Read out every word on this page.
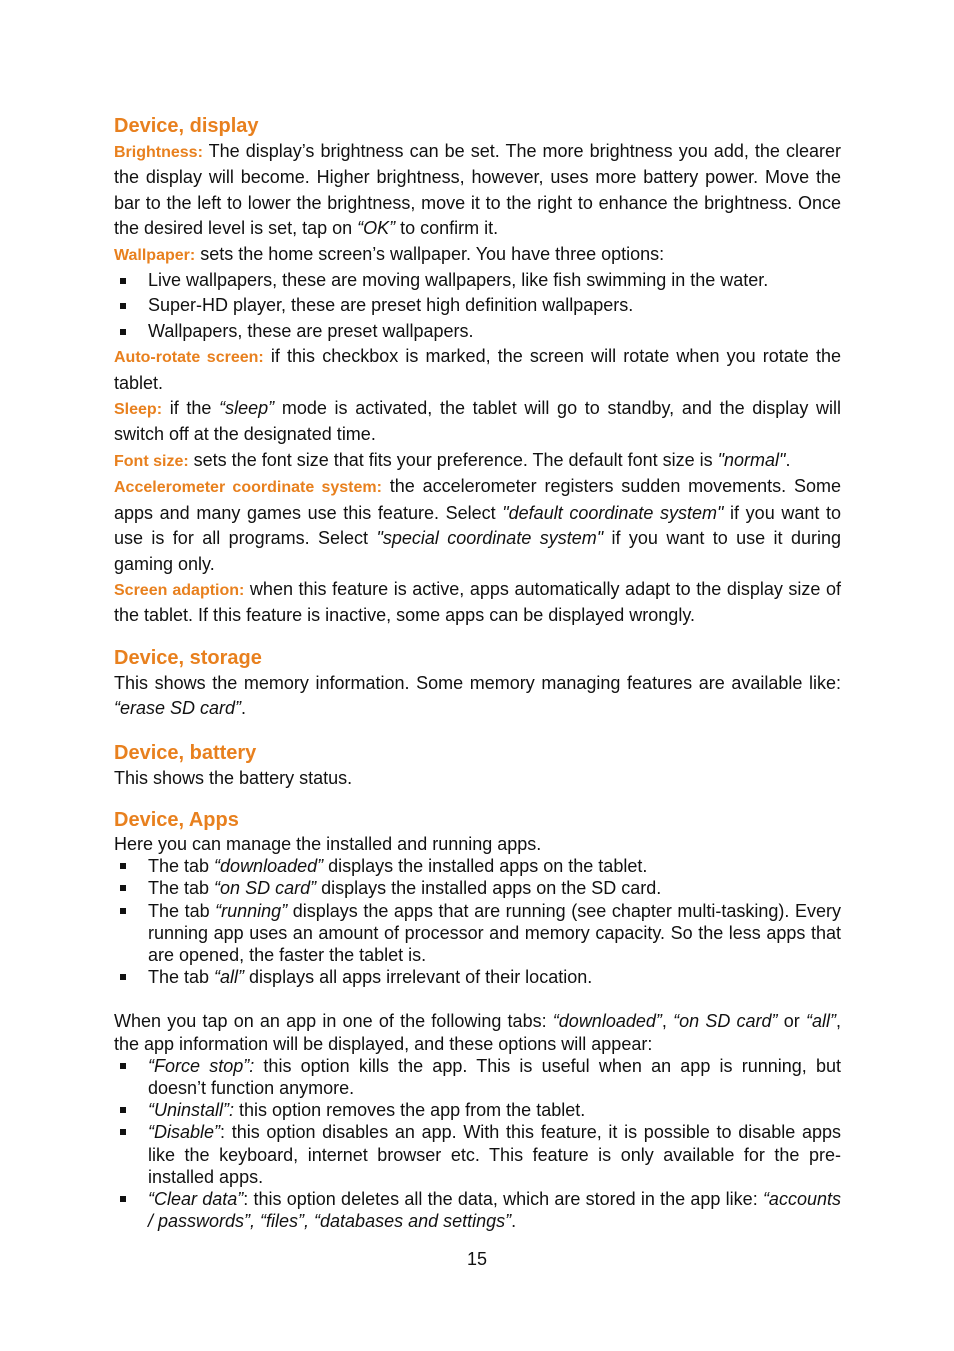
Device, display

Brightness: The display’s brightness can be set. The more brightness you add, the clearer the display will become. Higher brightness, however, uses more battery power. Move the bar to the left to lower the brightness, move it to the right to enhance the brightness. Once the desired level is set, tap on “OK” to confirm it.

Wallpaper: sets the home screen’s wallpaper. You have three options:

Live wallpapers, these are moving wallpapers, like fish swimming in the water.
Super-HD player, these are preset high definition wallpapers.
Wallpapers, these are preset wallpapers.

Auto-rotate screen: if this checkbox is marked, the screen will rotate when you rotate the tablet.

Sleep: if the “sleep” mode is activated, the tablet will go to standby, and the display will switch off at the designated time.

Font size: sets the font size that fits your preference. The default font size is "normal".

Accelerometer coordinate system: the accelerometer registers sudden movements. Some apps and many games use this feature. Select "default coordinate system" if you want to use is for all programs. Select "special coordinate system" if you want to use it during gaming only.

Screen adaption: when this feature is active, apps automatically adapt to the display size of the tablet. If this feature is inactive, some apps can be displayed wrongly.

Device, storage

This shows the memory information. Some memory managing features are available like: “erase SD card”.

Device, battery

This shows the battery status.

Device, Apps

Here you can manage the installed and running apps.

The tab “downloaded” displays the installed apps on the tablet.
The tab “on SD card” displays the installed apps on the SD card.
The tab “running” displays the apps that are running (see chapter multi-tasking). Every running app uses an amount of processor and memory capacity. So the less apps that are opened, the faster the tablet is.
The tab “all” displays all apps irrelevant of their location.

When you tap on an app in one of the following tabs: “downloaded”, “on SD card” or “all”, the app information will be displayed, and these options will appear:

“Force stop”: this option kills the app. This is useful when an app is running, but doesn’t function anymore.
“Uninstall”: this option removes the app from the tablet.
“Disable”: this option disables an app. With this feature, it is possible to disable apps like the keyboard, internet browser etc. This feature is only available for the pre-installed apps.
“Clear data”: this option deletes all the data, which are stored in the app like: “accounts / passwords”, “files”, “databases and settings”.
15
